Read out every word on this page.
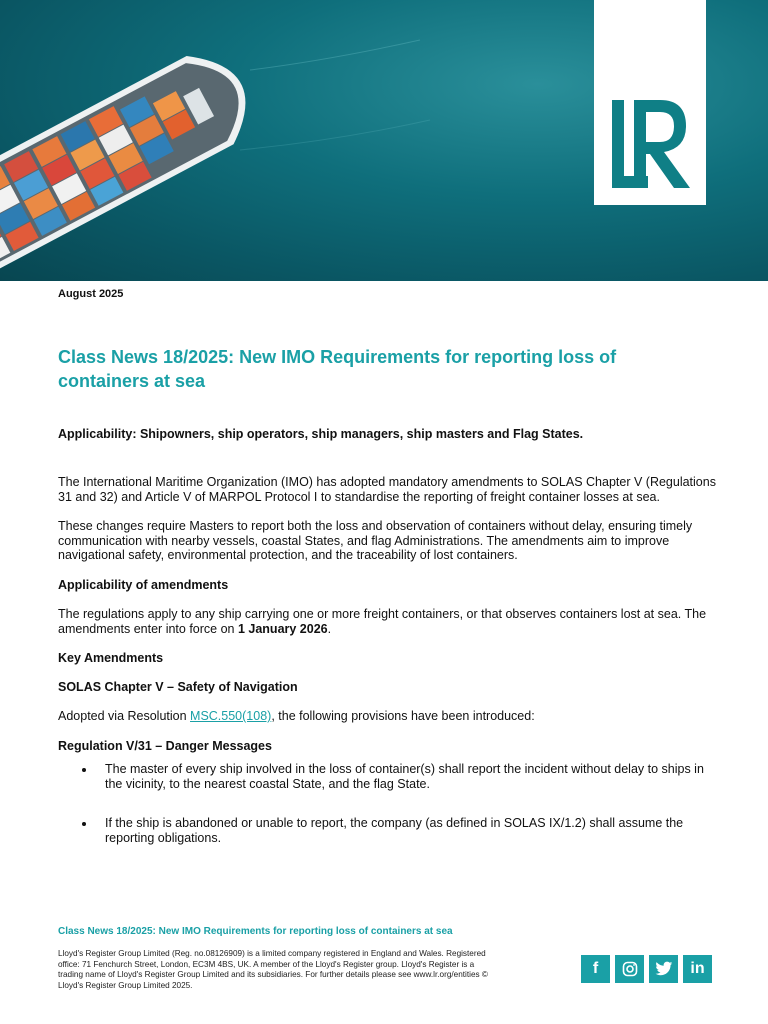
August 2025
Class News 18/2025: New IMO Requirements for reporting loss of containers at sea
Applicability: Shipowners, ship operators, ship managers, ship masters and Flag States.

The International Maritime Organization (IMO) has adopted mandatory amendments to SOLAS Chapter V (Regulations 31 and 32) and Article V of MARPOL Protocol I to standardise the reporting of freight container losses at sea.

These changes require Masters to report both the loss and observation of containers without delay, ensuring timely communication with nearby vessels, coastal States, and flag Administrations. The amendments aim to improve navigational safety, environmental protection, and the traceability of lost containers.

Applicability of amendments

The regulations apply to any ship carrying one or more freight containers, or that observes containers lost at sea. The amendments enter into force on 1 January 2026.

Key Amendments

SOLAS Chapter V – Safety of Navigation

Adopted via Resolution MSC.550(108), the following provisions have been introduced:

Regulation V/31 – Danger Messages

The master of every ship involved in the loss of container(s) shall report the incident without delay to ships in the vicinity, to the nearest coastal State, and the flag State.
If the ship is abandoned or unable to report, the company (as defined in SOLAS IX/1.2) shall assume the reporting obligations.
Class News 18/2025: New IMO Requirements for reporting loss of containers at sea
Lloyd's Register Group Limited (Reg. no.08126909) is a limited company registered in England and Wales. Registered office: 71 Fenchurch Street, London, EC3M 4BS, UK. A member of the Lloyd's Register group. Lloyd's Register is a trading name of Lloyd's Register Group Limited and its subsidiaries. For further details please see www.lr.org/entities © Lloyd's Register Group Limited 2025.
f	in
